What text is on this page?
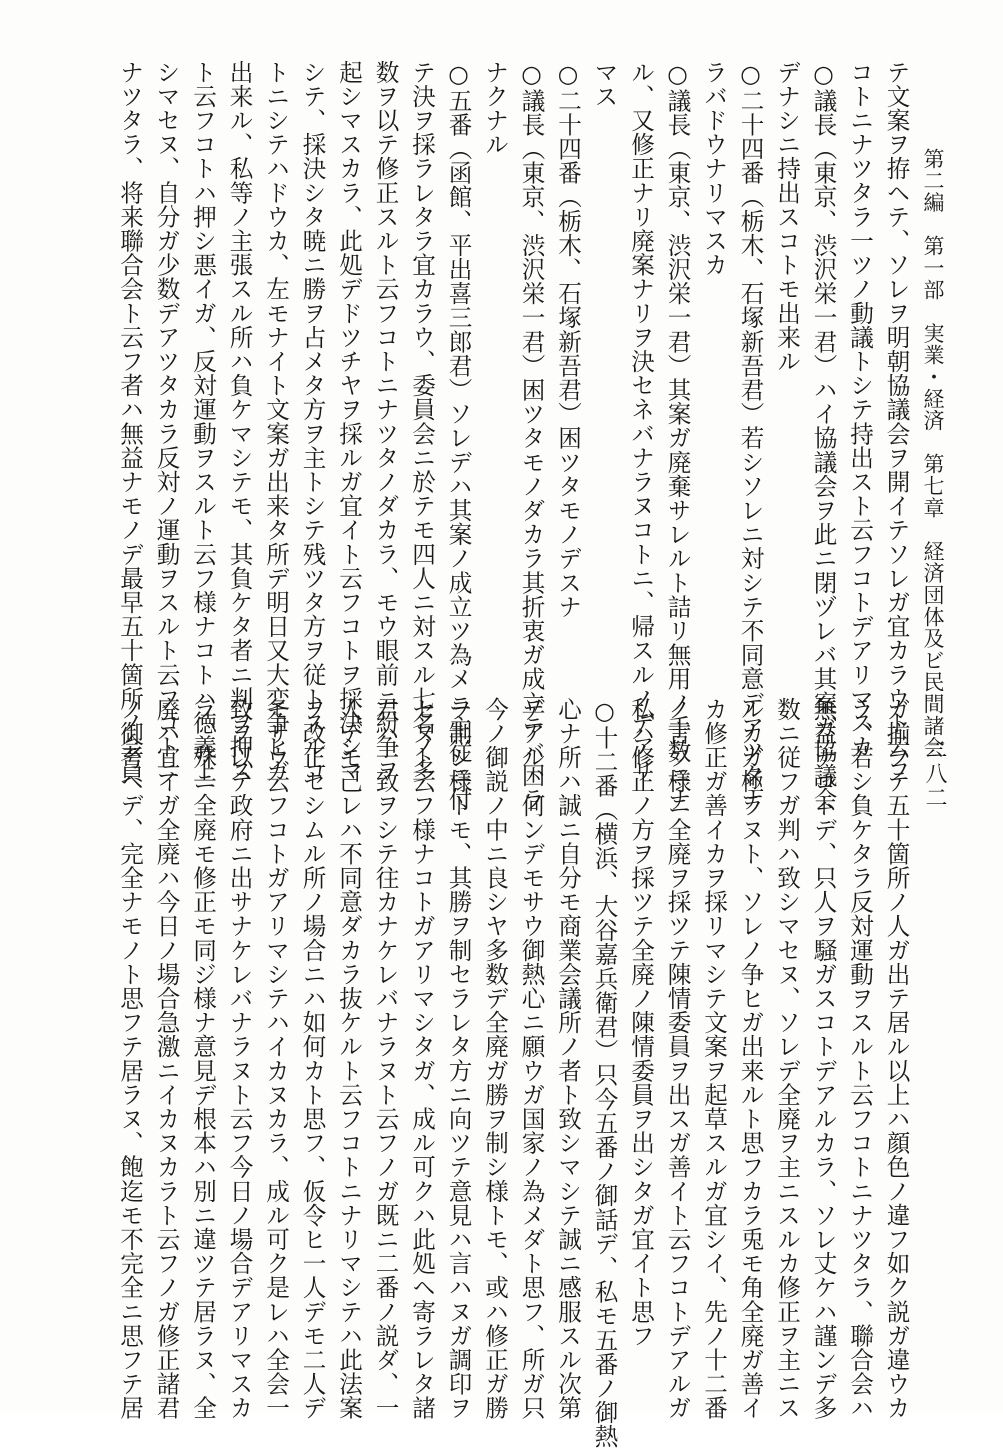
第二編　第一部　実業・経済　第七章　経済団体及ビ民間諸会
二八二
テ文案ヲ拵ヘテ、ソレヲ明朝協議会ヲ開イテソレガ宜カラウト云フ
コトニナツタラ一ツノ動議トシテ持出スト云フコトデアリマスカ
○議長（東京、渋沢栄一君）ハイ協議会ヲ此ニ閉ヅレバ其案ガ協議会
デナシニ持出スコトモ出来ル
○二十四番（栃木、石塚新吾君）若シソレニ対シテ不同意デアツタナ
ラバドウナリマスカ
○議長（東京、渋沢栄一君）其案ガ廃棄サレルト詰リ無用ノ手数ニナ
ル、又修正ナリ廃案ナリヲ決セネバナラヌコトニ、帰スルノデアリ
マス
○二十四番（栃木、石塚新吾君）困ツタモノデスナ
○議長（東京、渋沢栄一君）困ツタモノダカラ其折衷ガ成立テバ困ラ
ナクナル
○五番（函館、平出喜三郎君）ソレデハ其案ノ成立ツ為メニ主従ニ付
テ決ヲ採ラレタラ宜カラウ、委員会ニ於テモ四人ニ対スル七名ノ多
数ヲ以テ修正スルト云フコトニナツタノダカラ、モウ眼前ニ紛争ヲ
起シマスカラ、此処デドツチヤヲ採ルガ宜イト云フコトヲ採決シマ
シテ、採決シタ暁ニ勝ヲ占メタ方ヲ主トシテ残ツタ方ヲ従トスルコ
トニシテハドウカ、左モナイト文案ガ出来タ所デ明日又大変争ヒガ
出来ル、私等ノ主張スル所ハ負ケマシテモ、其負ケタ者ニ判ヲ押ス
ト云フコトハ押シ悪イガ、反対運動ヲスルト云フ様ナコトハ徳義上
シマセヌ、自分ガ少数デアツタカラ反対ノ運動ヲスルト云フコトニ
ナツタラ、将来聯合会ト云フ者ハ無益ナモノデ最早五十箇所ノ会員
ガ揃フテ五十箇所ノ人ガ出テ居ル以上ハ顔色ノ違フ如ク説ガ違ウカ
ラ、若シ負ケタラ反対運動ヲスルト云フコトニナツタラ、聯合会ハ
無益ナコトデ、只人ヲ騒ガスコトデアルカラ、ソレ丈ケハ謹ンデ多
数ニ従フガ判ハ致シマセヌ、ソレデ全廃ヲ主ニスルカ修正ヲ主ニス
ルカガ極ラヌト、ソレノ争ヒガ出来ルト思フカラ兎モ角全廃ガ善イ
カ修正ガ善イカヲ採リマシテ文案ヲ起草スルガ宜シイ、先ノ十二番
ノ言フ様ニ全廃ヲ採ツテ陳情委員ヲ出スガ善イト云フコトデアルガ
私ハ修正ノ方ヲ採ツテ全廃ノ陳情委員ヲ出シタガ宜イト思フ
○十二番（横浜、大谷嘉兵衛君）只今五番ノ御話デ、私モ五番ノ御熱
心ナ所ハ誠ニ自分モ商業会議所ノ者ト致シマシテ誠ニ感服スル次第
デアル、何ンデモサウ御熱心ニ願ウガ国家ノ為メダト思フ、所ガ只
今ノ御説ノ中ニ良シヤ多数デ全廃ガ勝ヲ制シ様トモ、或ハ修正ガ勝
ヲ制シ様トモ、其勝ヲ制セラレタ方ニ向ツテ意見ハ言ハヌガ調印ヲ
セヌト云フ様ナコトガアリマシタガ、成ル可クハ此処ヘ寄ラレタ諸
君ハ一致ヲシテ往カナケレバナラヌト云フノガ既ニ二番ノ説ダ、一
人デモ己レハ不同意ダカラ抜ケルト云フコトニナリマシテハ此法案
ヲ改正セシムル所ノ場合ニハ如何カト思フ、仮令ヒ一人デモ二人デ
モサウ云フコトガアリマシテハイカヌカラ、成ル可ク是レハ全会一
致ヲ以テ政府ニ出サナケレバナラヌト云フ今日ノ場合デアリマスカ
ラ、殊ニ全廃モ修正モ同ジ様ナ意見デ根本ハ別ニ違ツテ居ラヌ、全
廃ハ宜イガ全廃ハ今日ノ場合急激ニイカヌカラト云フノガ修正諸君
ノ御考ヘデ、完全ナモノト思フテ居ラヌ、飽迄モ不完全ニ思フテ居
